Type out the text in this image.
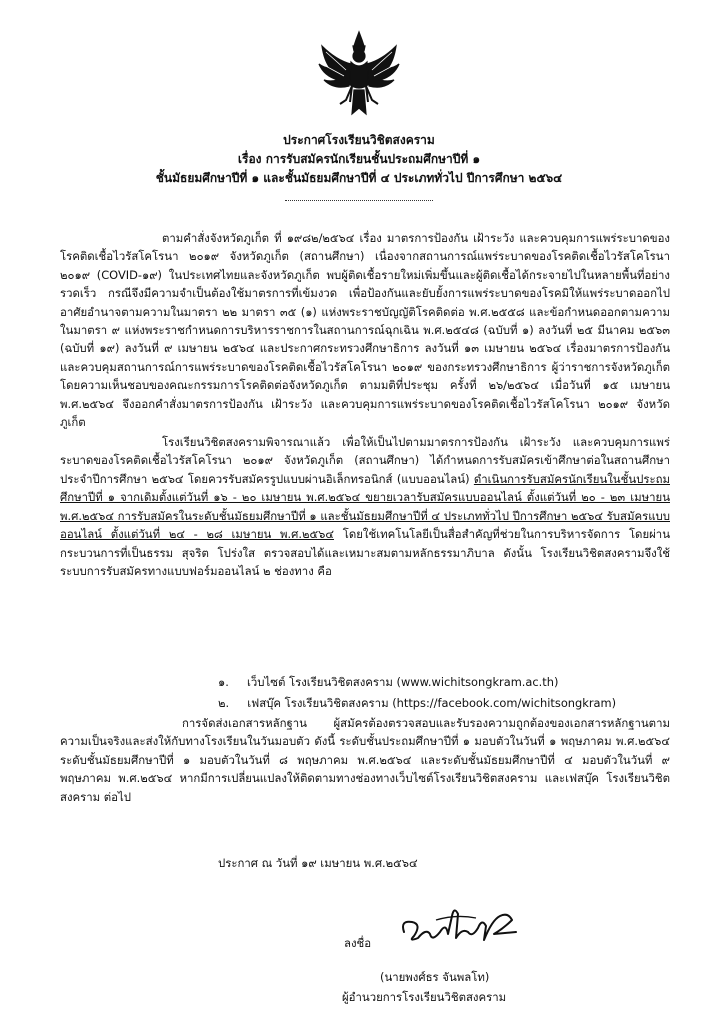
ประกาศโรงเรียนวิชิตสงคราม
เรื่อง การรับสมัครนักเรียนชั้นประถมศึกษาปีที่ ๑
ชั้นมัธยมศึกษาปีที่ ๑ และชั้นมัธยมศึกษาปีที่ ๔ ประเภททั่วไป ปีการศึกษา ๒๕๖๔

ตามคำสั่งจังหวัดภูเก็ต ที่ ๑๙๘๒/๒๕๖๔ เรื่อง มาตรการป้องกัน เฝ้าระวัง และควบคุมการแพร่ระบาดของโรคติดเชื้อไวรัสโคโรนา ๒๐๑๙ จังหวัดภูเก็ต (สถานศึกษา) เนื่องจากสถานการณ์แพร่ระบาดของโรคติดเชื้อไวรัสโคโรนา ๒๐๑๙ (COVID-๑๙) ในประเทศไทยและจังหวัดภูเก็ต พบผู้ติดเชื้อรายใหม่เพิ่มขึ้นและผู้ติดเชื้อได้กระจายไปในหลายพื้นที่อย่างรวดเร็ว กรณีจึงมีความจำเป็นต้องใช้มาตรการที่เข้มงวด เพื่อป้องกันและยับยั้งการแพร่ระบาดของโรคมิให้แพร่ระบาดออกไป อาศัยอำนาจตามความในมาตรา ๒๒ มาตรา ๓๕ (๑) แห่งพระราชบัญญัติโรคติดต่อ พ.ศ.๒๕๕๘ และข้อกำหนดออกตามความในมาตรา ๙ แห่งพระราชกำหนดการบริหารราชการในสถานการณ์ฉุกเฉิน พ.ศ.๒๕๔๘ (ฉบับที่ ๑) ลงวันที่ ๒๕ มีนาคม ๒๕๖๓ (ฉบับที่ ๑๙) ลงวันที่ ๙ เมษายน ๒๕๖๔ และประกาศกระทรวงศึกษาธิการ ลงวันที่ ๑๓ เมษายน ๒๕๖๔ เรื่องมาตรการป้องกันและควบคุมสถานการณ์การแพร่ระบาดของโรคติดเชื้อไวรัสโคโรนา ๒๐๑๙ ของกระทรวงศึกษาธิการ ผู้ว่าราชการจังหวัดภูเก็ต โดยความเห็นชอบของคณะกรรมการโรคติดต่อจังหวัดภูเก็ต ตามมติที่ประชุม ครั้งที่ ๒๖/๒๕๖๔ เมื่อวันที่ ๑๕ เมษายน พ.ศ.๒๕๖๔ จึงออกคำสั่งมาตรการป้องกัน เฝ้าระวัง และควบคุมการแพร่ระบาดของโรคติดเชื้อไวรัสโคโรนา ๒๐๑๙ จังหวัดภูเก็ต

โรงเรียนวิชิตสงครามพิจารณาแล้ว เพื่อให้เป็นไปตามมาตรการป้องกัน เฝ้าระวัง และควบคุมการแพร่ระบาดของโรคติดเชื้อไวรัสโคโรนา ๒๐๑๙ จังหวัดภูเก็ต (สถานศึกษา) ได้กำหนดการรับสมัครเข้าศึกษาต่อในสถานศึกษาประจำปีการศึกษา ๒๕๖๔ โดยควรรับสมัครรูปแบบผ่านอิเล็กทรอนิกส์ (แบบออนไลน์) ดำเนินการรับสมัครนักเรียนในชั้นประถมศึกษาปีที่ ๑ จากเดิมตั้งแต่วันที่ ๑๖ - ๒๐ เมษายน พ.ศ.๒๕๖๔ ขยายเวลารับสมัครแบบออนไลน์ ตั้งแต่วันที่ ๒๐ - ๒๓ เมษายน พ.ศ.๒๕๖๔ การรับสมัครในระดับชั้นมัธยมศึกษาปีที่ ๑ และชั้นมัธยมศึกษาปีที่ ๔ ประเภททั่วไป ปีการศึกษา ๒๕๖๔ รับสมัครแบบออนไลน์ ตั้งแต่วันที่ ๒๔ - ๒๘ เมษายน พ.ศ.๒๕๖๔ โดยใช้เทคโนโลยีเป็นสื่อสำคัญที่ช่วยในการบริหารจัดการ โดยผ่านกระบวนการที่เป็นธรรม สุจริต โปร่งใส ตรวจสอบได้และเหมาะสมตามหลักธรรมาภิบาล ดังนั้น โรงเรียนวิชิตสงครามจึงใช้ระบบการรับสมัครทางแบบฟอร์มออนไลน์ ๒ ช่องทาง คือ

๑. เว็บไซต์ โรงเรียนวิชิตสงคราม (www.wichitsongkram.ac.th)
๒. เฟสบุ๊ค โรงเรียนวิชิตสงคราม (https://facebook.com/wichitsongkram)

การจัดส่งเอกสารหลักฐาน ผู้สมัครต้องตรวจสอบและรับรองความถูกต้องของเอกสารหลักฐานตามความเป็นจริงและส่งให้กับทางโรงเรียนในวันมอบตัว ดังนี้ ระดับชั้นประถมศึกษาปีที่ ๑ มอบตัวในวันที่ ๑ พฤษภาคม พ.ศ.๒๕๖๔ ระดับชั้นมัธยมศึกษาปีที่ ๑ มอบตัวในวันที่ ๘ พฤษภาคม พ.ศ.๒๕๖๔ และระดับชั้นมัธยมศึกษาปีที่ ๔ มอบตัวในวันที่ ๙ พฤษภาคม พ.ศ.๒๕๖๔ หากมีการเปลี่ยนแปลงให้ติดตามทางช่องทางเว็บไซต์โรงเรียนวิชิตสงคราม และเฟสบุ๊ค โรงเรียนวิชิตสงคราม ต่อไป

ประกาศ ณ วันที่ ๑๙ เมษายน พ.ศ.๒๕๖๔
ลงชื่อ
(นายพงศ์ธร จันพลโท)
ผู้อำนวยการโรงเรียนวิชิตสงคราม
